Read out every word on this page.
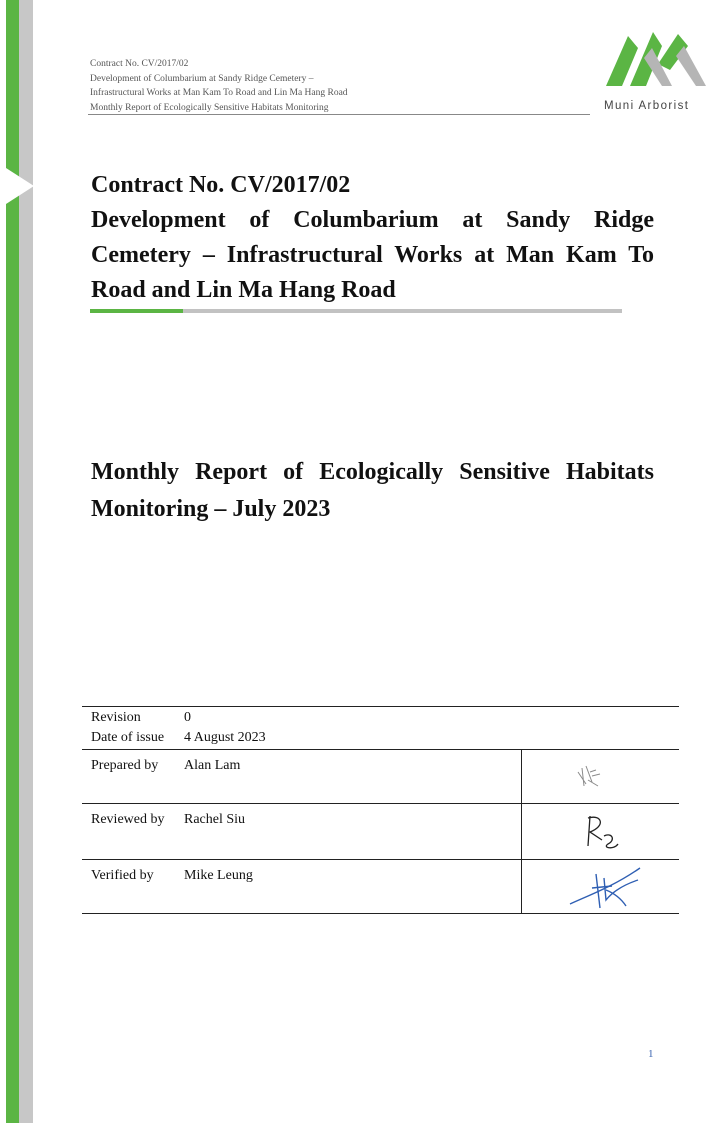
Contract No. CV/2017/02
Development of Columbarium at Sandy Ridge Cemetery –
Infrastructural Works at Man Kam To Road and Lin Ma Hang Road
Monthly Report of Ecologically Sensitive Habitats Monitoring	Muni Arborist
Contract No. CV/2017/02
Development of Columbarium at Sandy Ridge Cemetery – Infrastructural Works at Man Kam To Road and Lin Ma Hang Road
Monthly Report of Ecologically Sensitive Habitats Monitoring – July 2023
Revision	0
Date of issue 4 August 2023
Prepared by Alan Lam
Reviewed by Rachel Siu
Verified by Mike Leung
1
